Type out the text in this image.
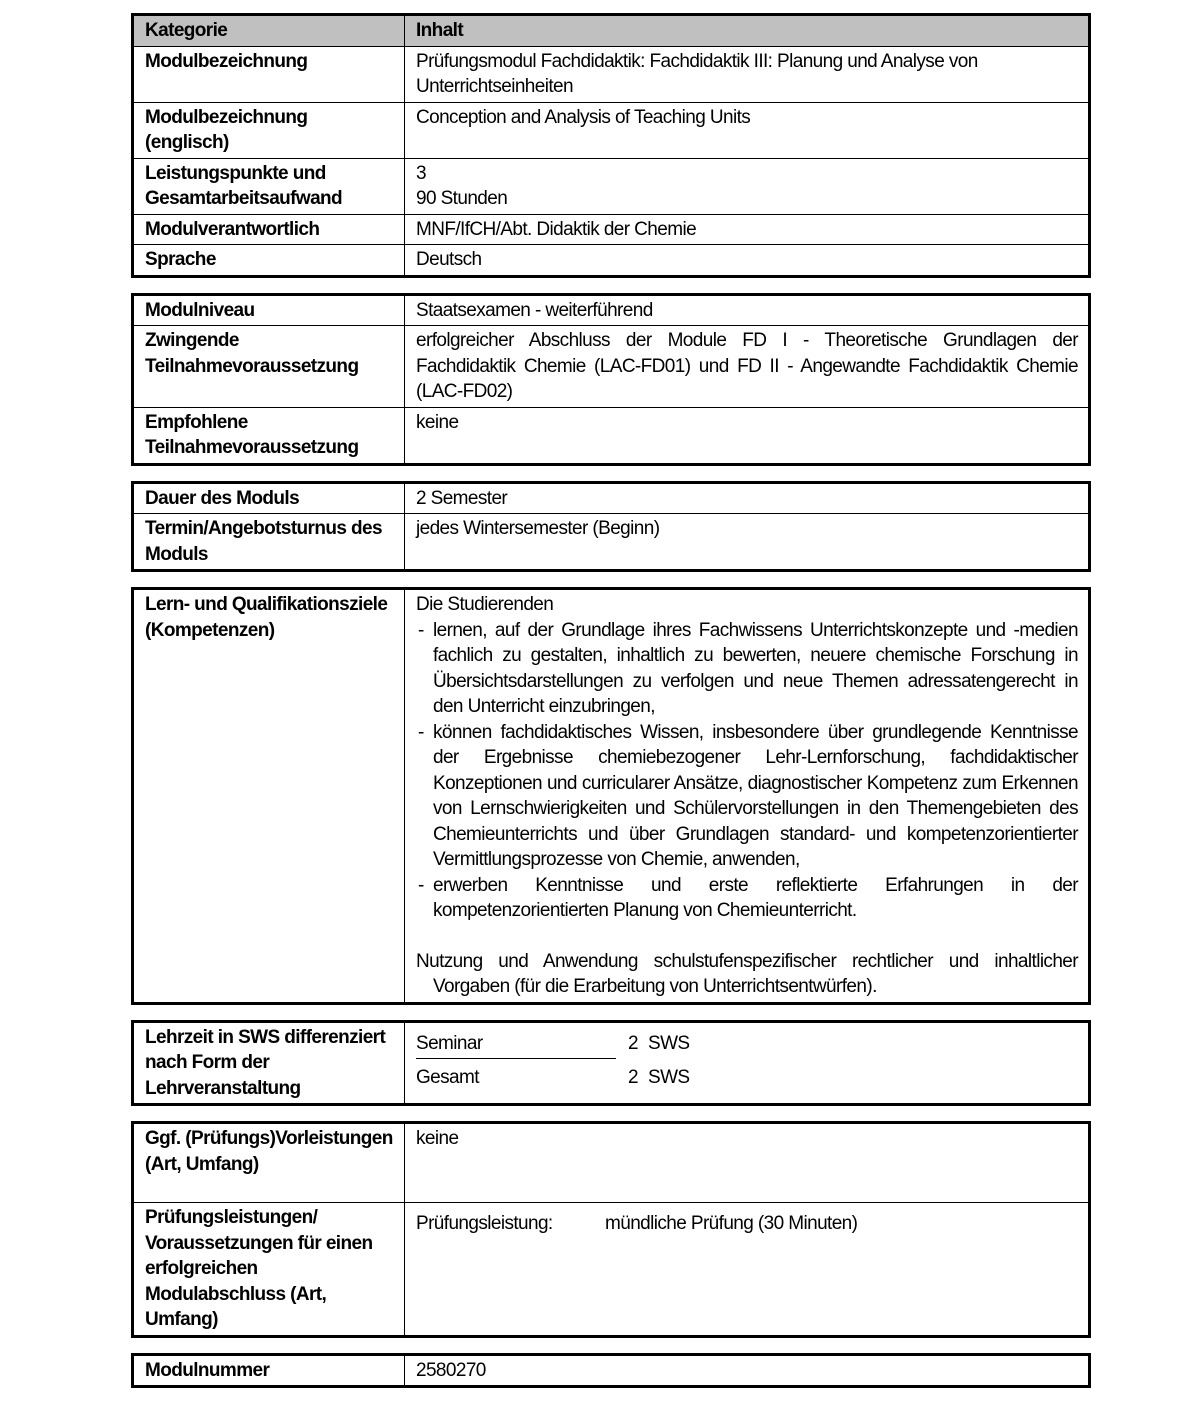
Kategorie	Inhalt
Modulbezeichnung	Prüfungsmodul Fachdidaktik: Fachdidaktik III: Planung und Analyse von Unterrichtseinheiten
Modulbezeichnung (englisch)	Conception and Analysis of Teaching Units
Leistungspunkte und Gesamtarbeitsaufwand	3
90 Stunden

Modulverantwortlich	MNF/IfCH/Abt. Didaktik der Chemie
Sprache	Deutsch
Modulniveau	Staatsexamen - weiterführend
Zwingende Teilnahmevoraussetzung	erfolgreicher Abschluss der Module FD I - Theoretische Grundlagen der Fachdidaktik Chemie (LAC-FD01) und FD II - Angewandte Fachdidaktik Chemie (LAC-FD02)
Empfohlene Teilnahmevoraussetzung	keine
Dauer des Moduls	2 Semester
Termin/Angebotsturnus des Moduls	jedes Wintersemester (Beginn)
Lern- und Qualifikationsziele (Kompetenzen)	
Die Studierenden
- lernen, auf der Grundlage ihres Fachwissens Unterrichtskonzepte und -medien fachlich zu gestalten, inhaltlich zu bewerten, neuere chemische Forschung in Übersichtsdarstellungen zu verfolgen und neue Themen adressatengerecht in den Unterricht einzubringen,
- können fachdidaktisches Wissen, insbesondere über grundlegende Kenntnisse der Ergebnisse chemiebezogener Lehr-Lernforschung, fachdidaktischer Konzeptionen und curricularer Ansätze, diagnostischer Kompetenz zum Erkennen von Lernschwierigkeiten und Schülervorstellungen in den Themengebieten des Chemieunterrichts und über Grundlagen standard- und kompetenzorientierter Vermittlungsprozesse von Chemie, anwenden,
- erwerben Kenntnisse und erste reflektierte Erfahrungen in der kompetenzorientierten Planung von Chemieunterricht.
Nutzung und Anwendung schulstufenspezifischer rechtlicher und inhaltlicher Vorgaben (für die Erarbeitung von Unterrichtsentwürfen).
Lehrzeit in SWS differenziert nach Form der Lehrveranstaltung	
Seminar	2 SWS
Gesamt	2 SWS
Ggf. (Prüfungs)Vorleistungen (Art, Umfang)	keine
Prüfungsleistungen/ Voraussetzungen für einen erfolgreichen Modulabschluss (Art, Umfang)	Prüfungsleistung: mündliche Prüfung (30 Minuten)
Modulnummer	2580270
